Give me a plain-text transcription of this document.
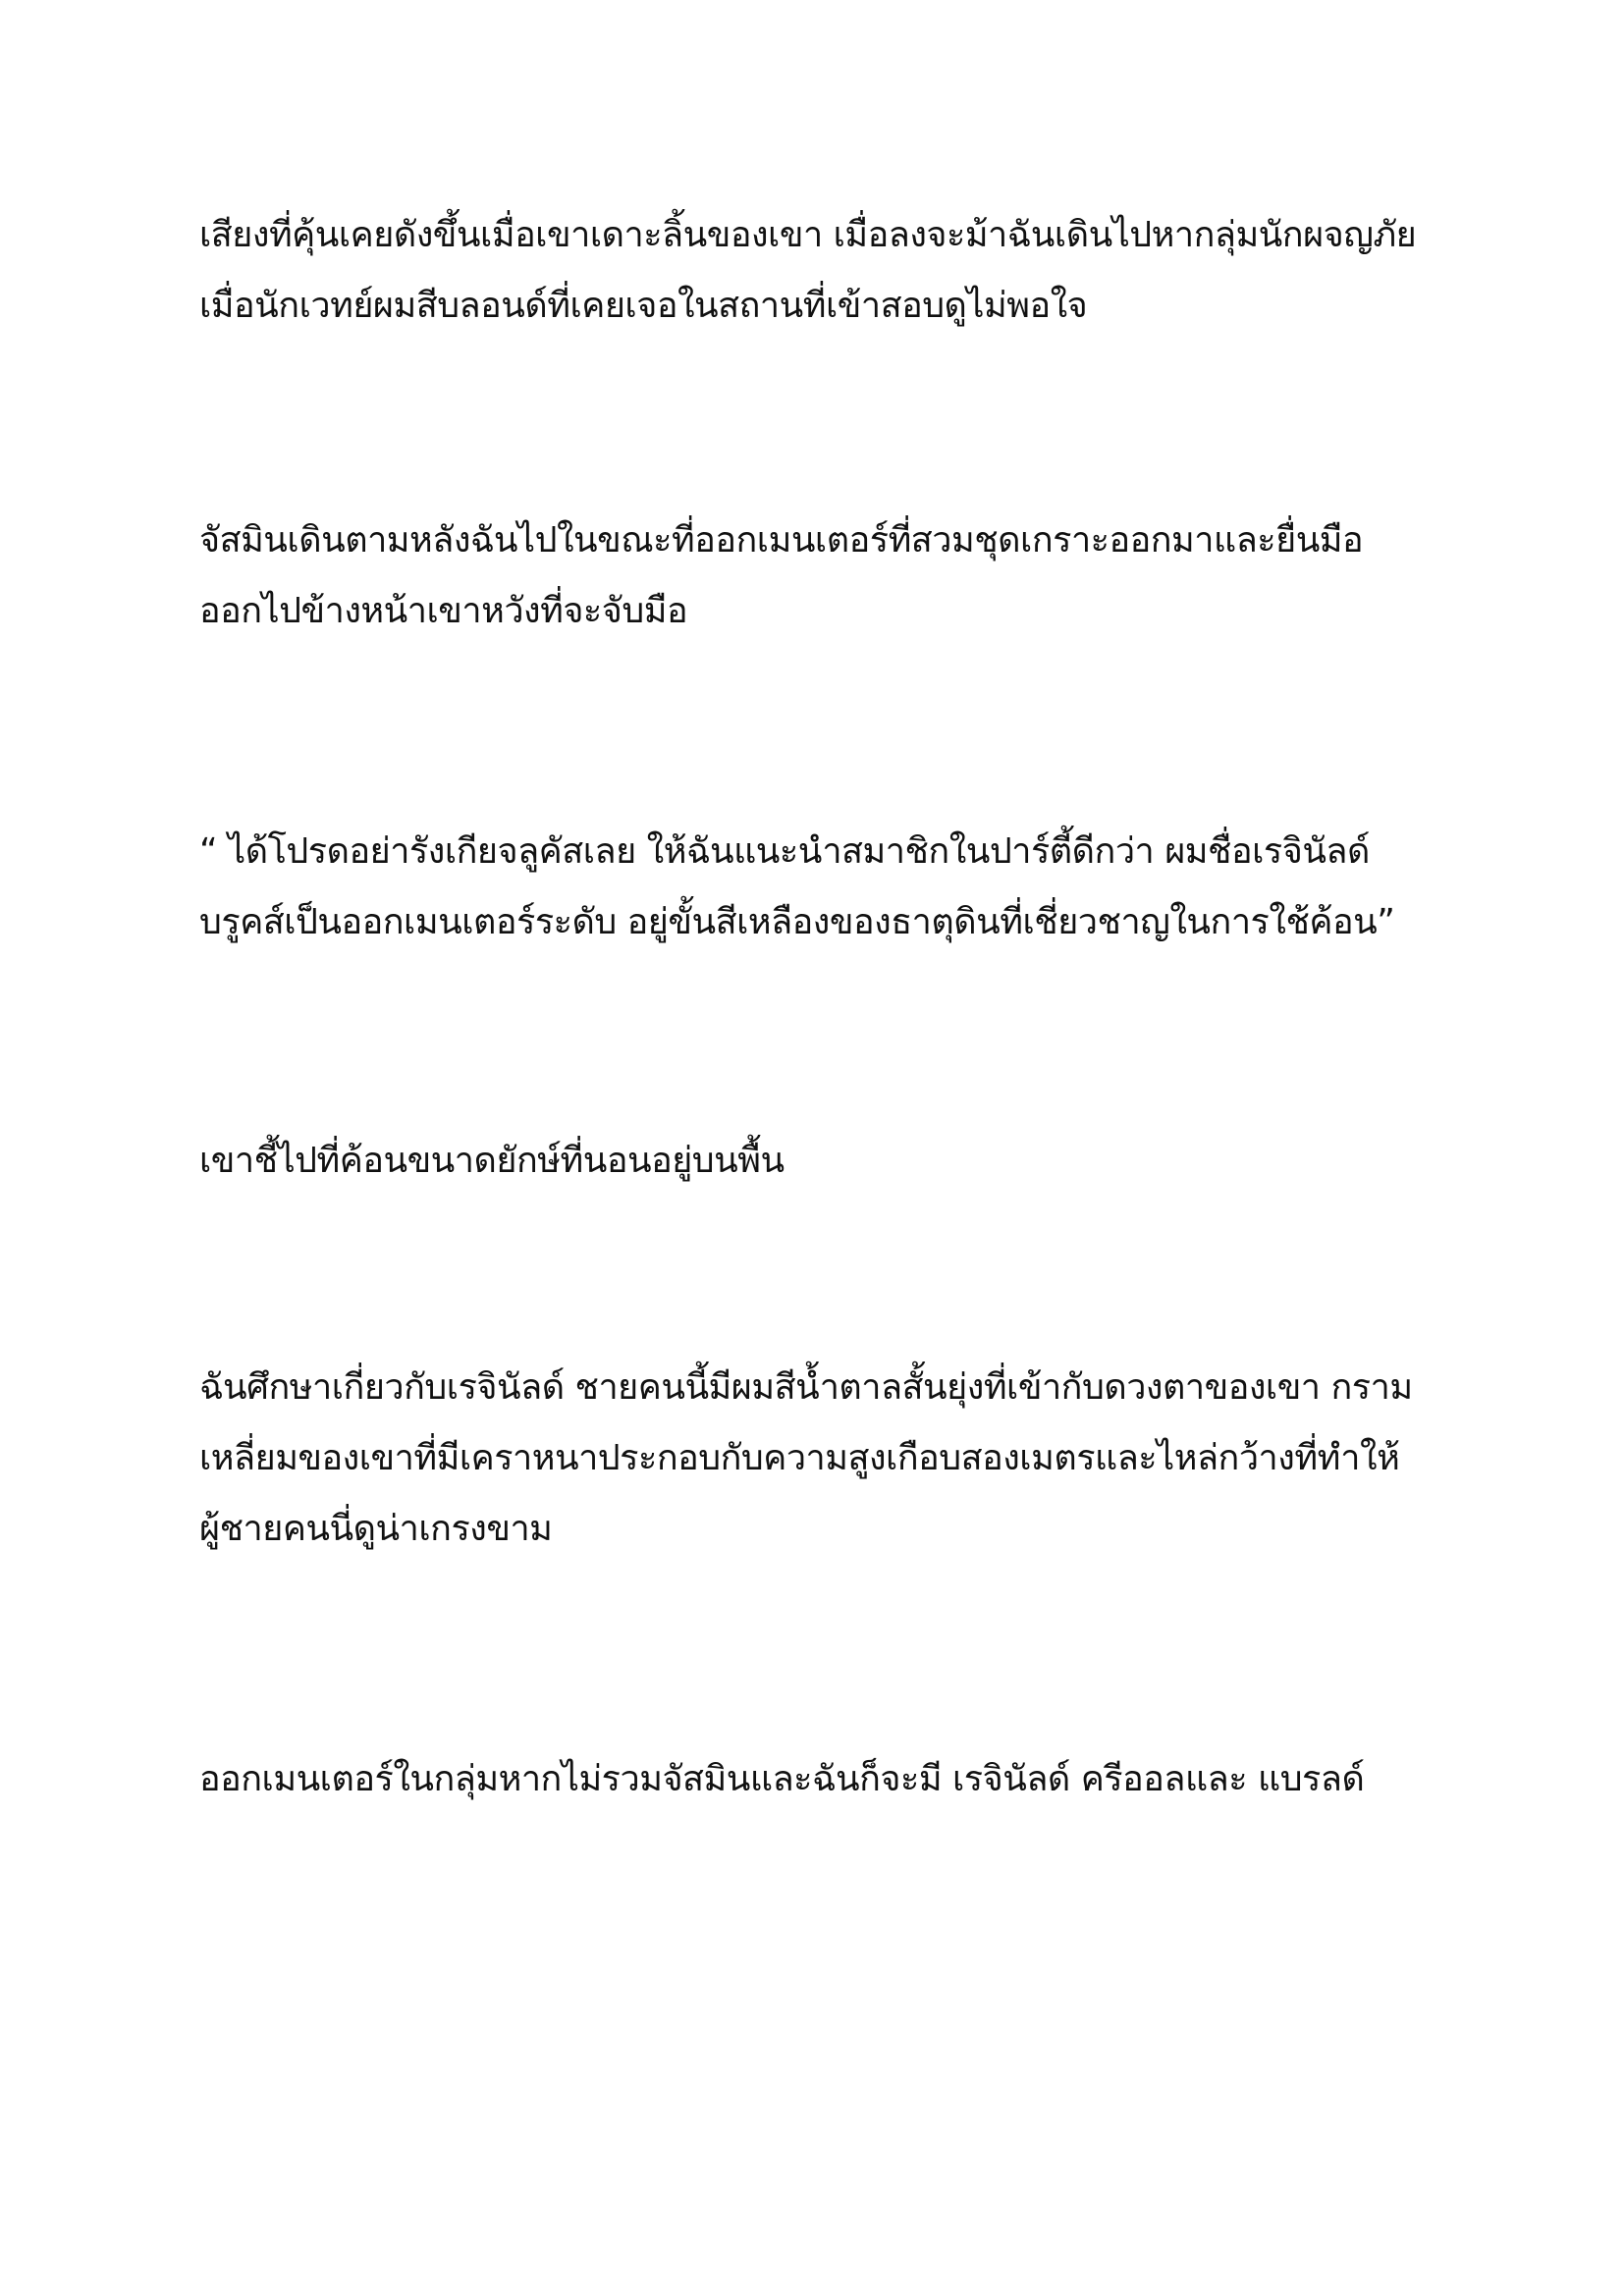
เสียงที่คุ้นเคยดังขึ้นเมื่อเขาเดาะลิ้นของเขา เมื่อลงจะม้าฉันเดินไปหากลุ่มนักผจญภัย
เมื่อนักเวทย์ผมสีบลอนด์ที่เคยเจอในสถานที่เข้าสอบดูไม่พอใจ
จัสมินเดินตามหลังฉันไปในขณะที่ออกเมนเตอร์ที่สวมชุดเกราะออกมาและยื่นมือ
ออกไปข้างหน้าเขาหวังที่จะจับมือ
“ ได้โปรดอย่ารังเกียจลูคัสเลย ให้ฉันแนะนำสมาชิกในปาร์ตี้ดีกว่า ผมชื่อเรจินัลด์
บรูคส์เป็นออกเมนเตอร์ระดับ อยู่ขั้นสีเหลืองของธาตุดินที่เชี่ยวชาญในการใช้ค้อน”
เขาชี้ไปที่ค้อนขนาดยักษ์ที่นอนอยู่บนพื้น
ฉันศึกษาเกี่ยวกับเรจินัลด์ ชายคนนี้มีผมสีน้ำตาลสั้นยุ่งที่เข้ากับดวงตาของเขา กราม
เหลี่ยมของเขาที่มีเคราหนาประกอบกับความสูงเกือบสองเมตรและไหล่กว้างที่ทำให้
ผู้ชายคนนี่ดูน่าเกรงขาม
ออกเมนเตอร์ในกลุ่มหากไม่รวมจัสมินและฉันก็จะมี เรจินัลด์ ครีออลและ แบรลด์
